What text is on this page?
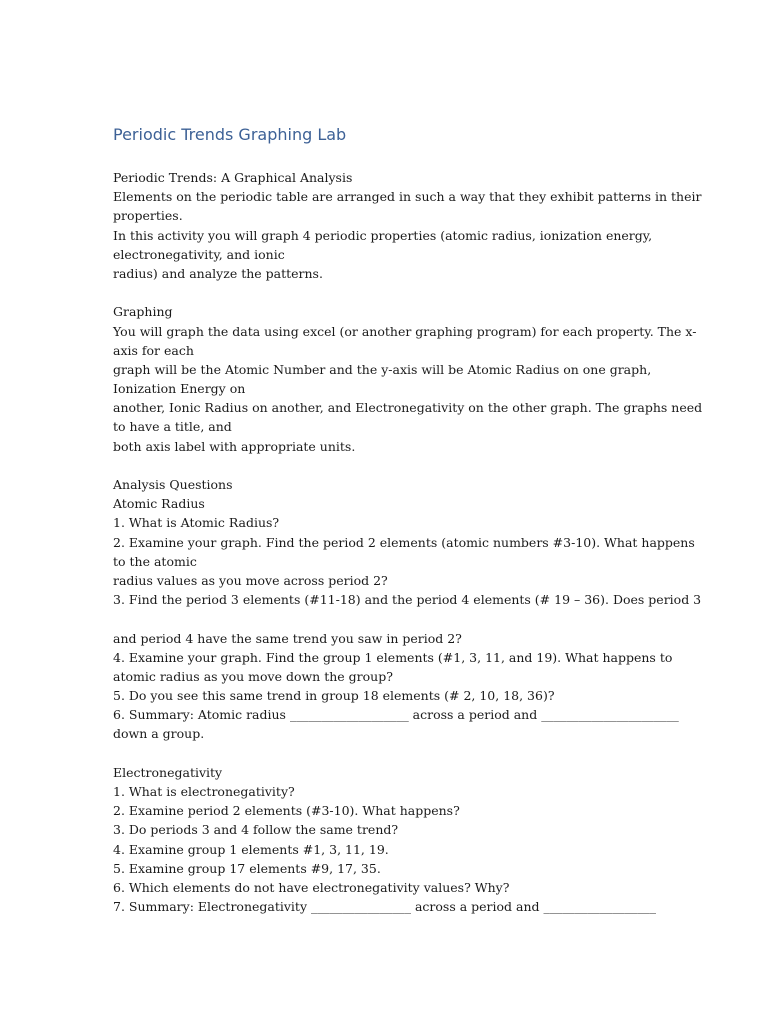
Periodic Trends Graphing Lab
Periodic Trends: A Graphical Analysis
Elements on the periodic table are arranged in such a way that they exhibit patterns in their
properties.
In this activity you will graph 4 periodic properties (atomic radius, ionization energy,
electronegativity, and ionic
radius) and analyze the patterns.
Graphing
You will graph the data using excel (or another graphing program) for each property. The x-
axis for each
graph will be the Atomic Number and the y-axis will be Atomic Radius on one graph,
Ionization Energy on
another, Ionic Radius on another, and Electronegativity on the other graph. The graphs need
to have a title, and
both axis label with appropriate units.
Analysis Questions
Atomic Radius
1. What is Atomic Radius?
2. Examine your graph. Find the period 2 elements (atomic numbers #3-10). What happens
to the atomic
radius values as you move across period 2?
3. Find the period 3 elements (#11-18) and the period 4 elements (# 19 – 36). Does period 3
and period 4 have the same trend you saw in period 2?
4. Examine your graph. Find the group 1 elements (#1, 3, 11, and 19). What happens to
atomic radius as you move down the group?
5. Do you see this same trend in group 18 elements (# 2, 10, 18, 36)?
6. Summary: Atomic radius ___________________ across a period and ______________________
down a group.
Electronegativity
1. What is electronegativity?
2. Examine period 2 elements (#3-10). What happens?
3. Do periods 3 and 4 follow the same trend?
4. Examine group 1 elements #1, 3, 11, 19.
5. Examine group 17 elements #9, 17, 35.
6. Which elements do not have electronegativity values? Why?
7. Summary: Electronegativity ________________ across a period and __________________
